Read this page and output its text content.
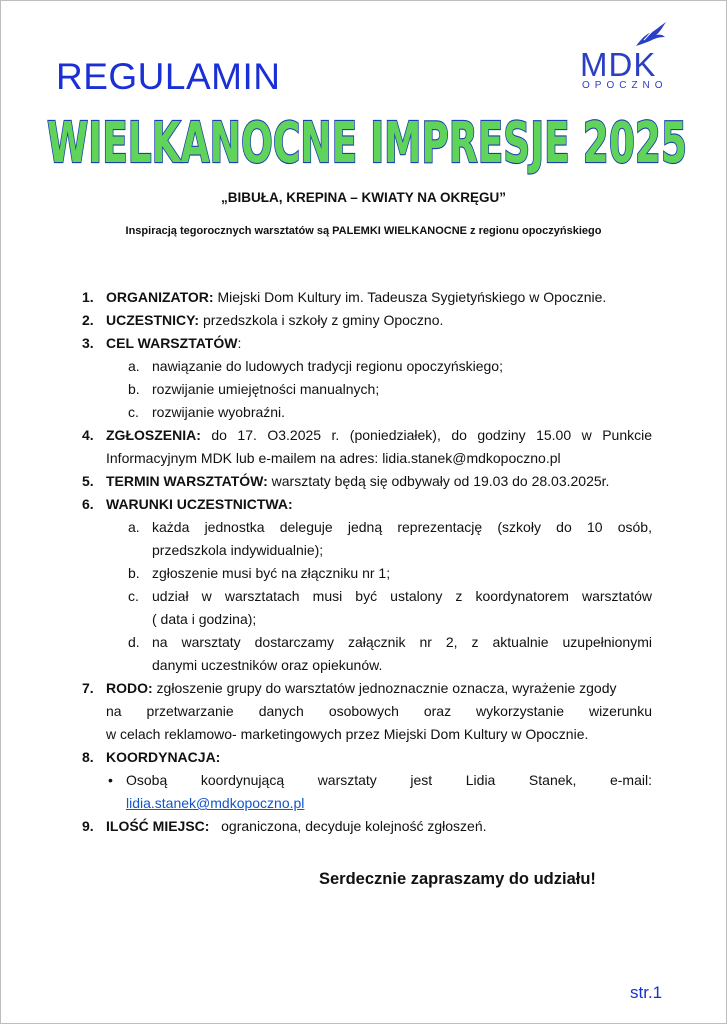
REGULAMIN	MDK
OPOCZNO
WIELKANOCNE IMPRESJE 2025
„BIBUŁA, KREPINA – KWIATY NA OKRĘGU”
Inspiracją tegorocznych warsztatów są PALEMKI WIELKANOCNE z regionu opoczyńskiego
1. ORGANIZATOR: Miejski Dom Kultury im. Tadeusza Sygietyńskiego w Opocznie.
2. UCZESTNICY: przedszkola i szkoły z gminy Opoczno.
3. CEL WARSZTATÓW:
a. nawiązanie do ludowych tradycji regionu opoczyńskiego;
b. rozwijanie umiejętności manualnych;
c. rozwijanie wyobraźni.
4. ZGŁOSZENIA: do 17. O3.2025 r. (poniedziałek), do godziny 15.00 w Punkcie
Informacyjnym MDK lub e-mailem na adres: lidia.stanek@mdkopoczno.pl
5. TERMIN WARSZTATÓW: warsztaty będą się odbywały od 19.03 do 28.03.2025r.
6. WARUNKI UCZESTNICTWA:
a. każda jednostka deleguje jedną reprezentację (szkoły do 10 osób,
przedszkola indywidualnie);
b. zgłoszenie musi być na złączniku nr 1;
c. udział w warsztatach musi być ustalony z koordynatorem warsztatów
( data i godzina);
d. na warsztaty dostarczamy załącznik nr 2, z aktualnie uzupełnionymi
danymi uczestników oraz opiekunów.
7. RODO: zgłoszenie grupy do warsztatów jednoznacznie oznacza, wyrażenie zgody
na przetwarzanie danych osobowych oraz wykorzystanie wizerunku
w celach reklamowo- marketingowych przez Miejski Dom Kultury w Opocznie.
8. KOORDYNACJA:
• Osobą koordynującą warsztaty jest Lidia Stanek, e-mail:
lidia.stanek@mdkopoczno.pl
9. ILOŚĆ MIEJSC:   ograniczona, decyduje kolejność zgłoszeń.
Serdecznie zapraszamy do udziału!
str.1
